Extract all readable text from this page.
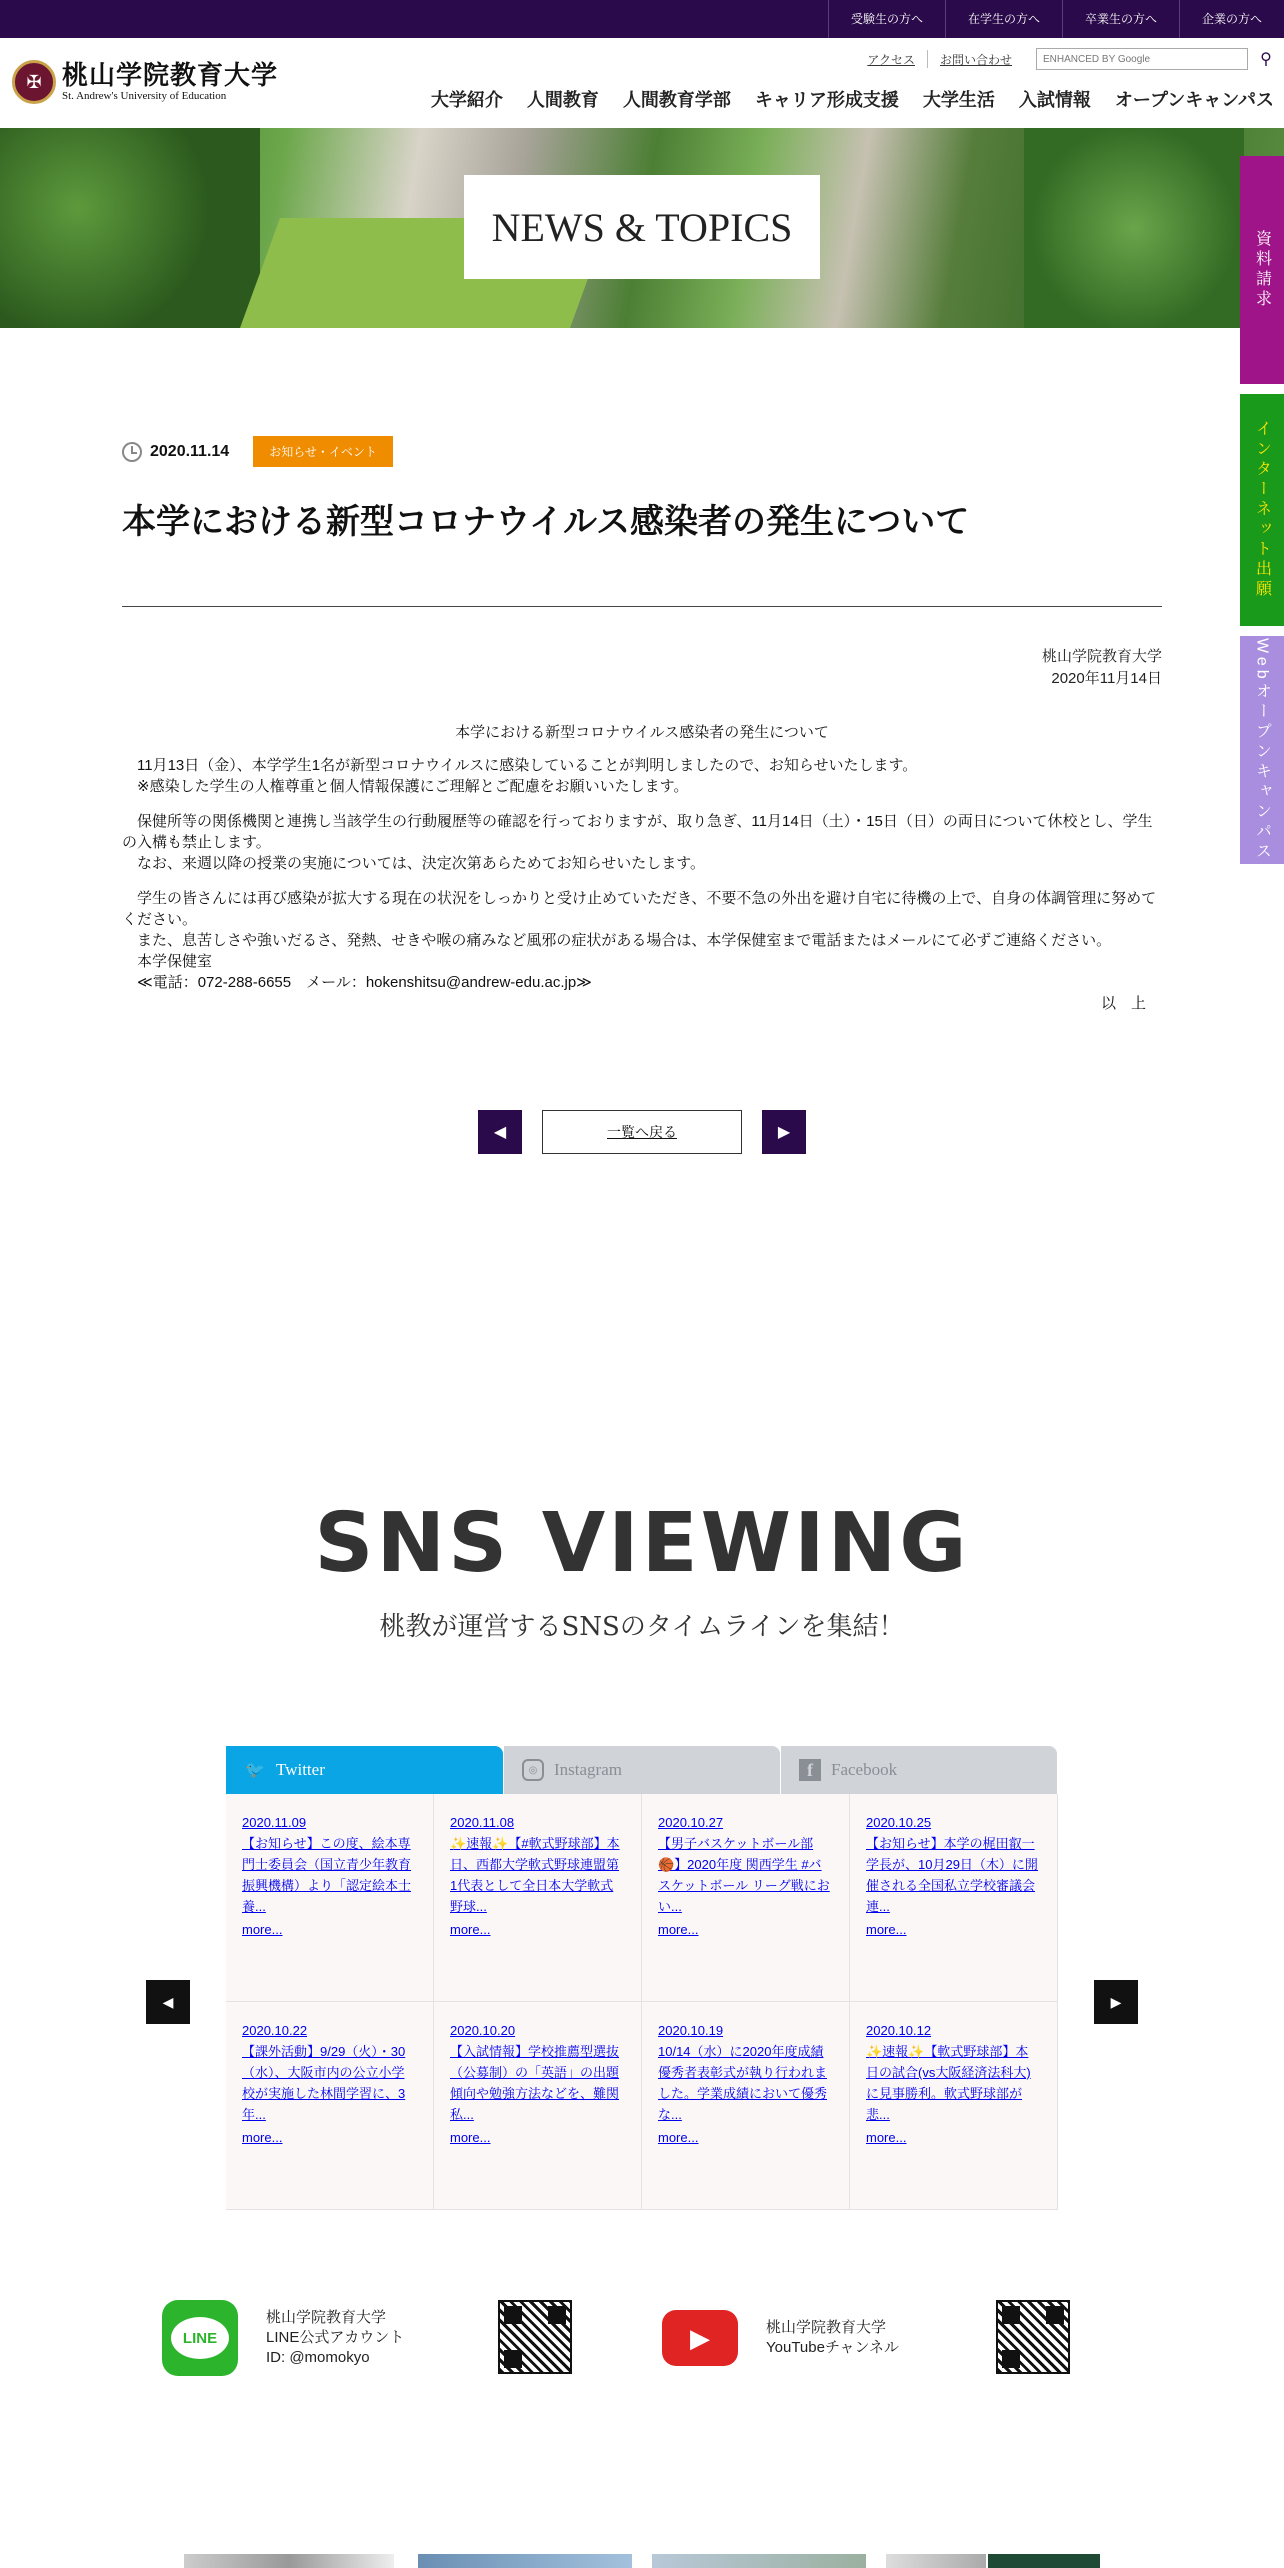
受験生の方へ	在学生の方へ	卒業生の方へ	企業の方へ
✠ 桃山学院教育大学
St. Andrew's University of Education
アクセス	お問い合わせ	ENHANCED BY Google	⚲
大学紹介 人間教育 人間教育学部 キャリア形成支援 大学生活 入試情報 オープンキャンパス
NEWS & TOPICS
資料請求
インターネット出願
Webオープンキャンパス
2020.11.14	お知らせ・イベント
本学における新型コロナウイルス感染者の発生について
桃山学院教育大学
2020年11月14日

本学における新型コロナウイルス感染者の発生について

　11月13日（金）、本学学生1名が新型コロナウイルスに感染していることが判明しましたので、お知らせいたします。

　※感染した学生の人権尊重と個人情報保護にご理解とご配慮をお願いいたします。

　保健所等の関係機関と連携し当該学生の行動履歴等の確認を行っておりますが、取り急ぎ、11月14日（土）・15日（日）の両日について休校とし、学生の入構も禁止します。

　なお、来週以降の授業の実施については、決定次第あらためてお知らせいたします。

　学生の皆さんには再び感染が拡大する現在の状況をしっかりと受け止めていただき、不要不急の外出を避け自宅に待機の上で、自身の体調管理に努めてください。

　また、息苦しさや強いだるさ、発熱、せきや喉の痛みなど風邪の症状がある場合は、本学保健室まで電話またはメールにて必ずご連絡ください。

　本学保健室

　≪電話：072-288-6655　メール：hokenshitsu@andrew-edu.ac.jp≫

以　上

◀	一覧へ戻る	▶
SNS VIEWING
桃教が運営するSNSのタイムラインを集結！
🐦 Twitter	◎ Instagram	f	Facebook
2020.11.09
【お知らせ】この度、絵本専門士委員会（国立青少年教育振興機構）より「認定絵本士養...
more...
2020.11.08
✨速報✨【#軟式野球部】本日、西都大学軟式野球連盟第1代表として全日本大学軟式野球...
more...
2020.10.27
【男子バスケットボール部🏀】2020年度 関西学生 #バスケットボール リーグ戦にお い...
more...
2020.10.25
【お知らせ】本学の梶田叡一学長が、10月29日（木）に開催される全国私立学校審議会連...
more...
2020.10.22
【課外活動】9/29（火）・30（水）、大阪市内の公立小学校が実施した林間学習に、3年...
more...
2020.10.20
【入試情報】学校推薦型選抜（公募制）の「英語」の出題傾向や勉強方法などを、難関私...
more...
2020.10.19
10/14（水）に2020年度成績優秀者表彰式が執り行われました。学業成績において優秀な...
more...
2020.10.12
✨速報✨【軟式野球部】本日の試合(vs大阪経済法科大)に見事勝利。軟式野球部が悲...
more...
◀	▶
LINE
桃山学院教育大学
LINE公式アカウント
ID: @momokyo
▶	桃山学院教育大学
YouTubeチャンネル
